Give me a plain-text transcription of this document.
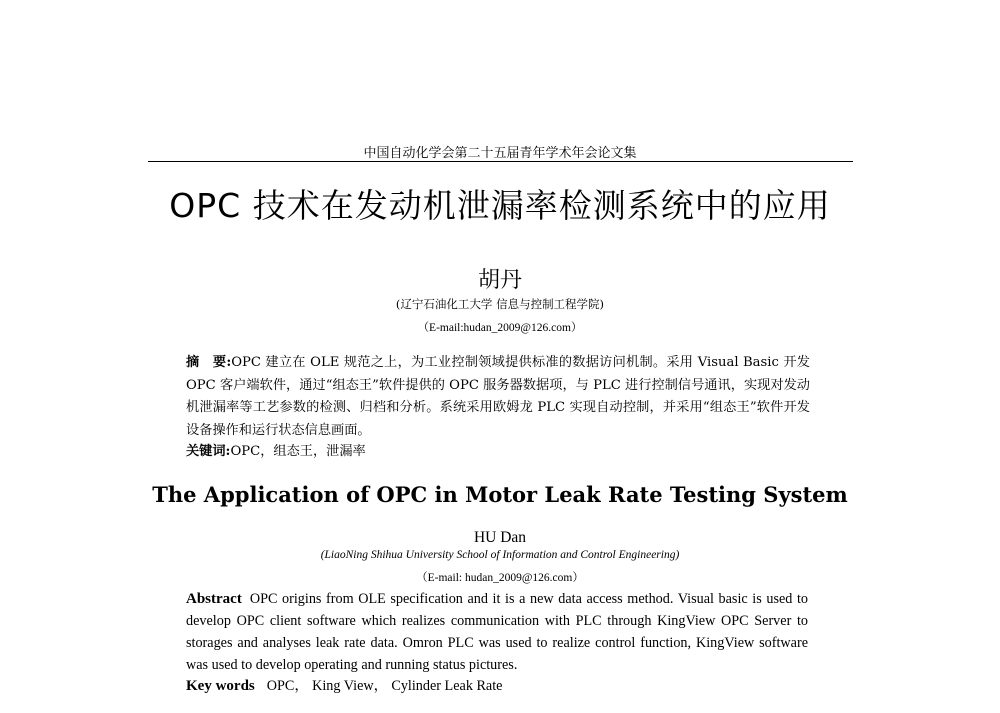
中国自动化学会第二十五届青年学术年会论文集
OPC 技术在发动机泄漏率检测系统中的应用
胡丹
(辽宁石油化工大学 信息与控制工程学院)
（E-mail:hudan_2009@126.com）
摘　要:OPC 建立在 OLE 规范之上，为工业控制领域提供标准的数据访问机制。采用 Visual Basic 开发 OPC 客户端软件，通过“组态王”软件提供的 OPC 服务器数据项，与 PLC 进行控制信号通讯，实现对发动机泄漏率等工艺参数的检测、归档和分析。系统采用欧姆龙 PLC 实现自动控制，并采用“组态王”软件开发设备操作和运行状态信息画面。
关键词:OPC，组态王，泄漏率
The Application of OPC in Motor Leak Rate Testing System
HU Dan
(LiaoNing Shihua University School of Information and Control Engineering)
（E-mail: hudan_2009@126.com）
Abstract OPC origins from OLE specification and it is a new data access method. Visual basic is used to develop OPC client software which realizes communication with PLC through KingView OPC Server to storages and analyses leak rate data. Omron PLC was used to realize control function, KingView software was used to develop operating and running status pictures.
Key words OPC， King View， Cylinder Leak Rate
